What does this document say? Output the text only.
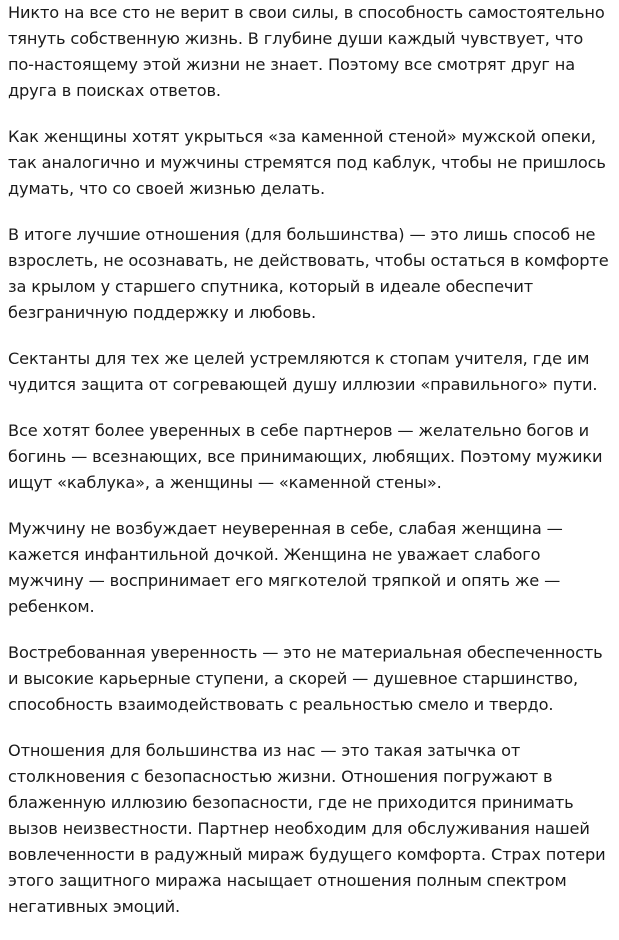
Никто на все сто не верит в свои силы, в способность самостоятельно тянуть собственную жизнь. В глубине души каждый чувствует, что по-настоящему этой жизни не знает. Поэтому все смотрят друг на друга в поисках ответов.

Как женщины хотят укрыться «за каменной стеной» мужской опеки, так аналогично и мужчины стремятся под каблук, чтобы не пришлось думать, что со своей жизнью делать.

В итоге лучшие отношения (для большинства) — это лишь способ не взрослеть, не осознавать, не действовать, чтобы остаться в комфорте за крылом у старшего спутника, который в идеале обеспечит безграничную поддержку и любовь.

Сектанты для тех же целей устремляются к стопам учителя, где им чудится защита от согревающей душу иллюзии «правильного» пути.

Все хотят более уверенных в себе партнеров — желательно богов и богинь — всезнающих, все принимающих, любящих. Поэтому мужики ищут «каблука», а женщины — «каменной стены».

Мужчину не возбуждает неуверенная в себе, слабая женщина — кажется инфантильной дочкой. Женщина не уважает слабого мужчину — воспринимает его мягкотелой тряпкой и опять же — ребенком.

Востребованная уверенность — это не материальная обеспеченность и высокие карьерные ступени, а скорей — душевное старшинство, способность взаимодействовать с реальностью смело и твердо.

Отношения для большинства из нас — это такая затычка от столкновения с безопасностью жизни. Отношения погружают в блаженную иллюзию безопасности, где не приходится принимать вызов неизвестности. Партнер необходим для обслуживания нашей вовлеченности в радужный мираж будущего комфорта. Страх потери этого защитного миража насыщает отношения полным спектром негативных эмоций.
